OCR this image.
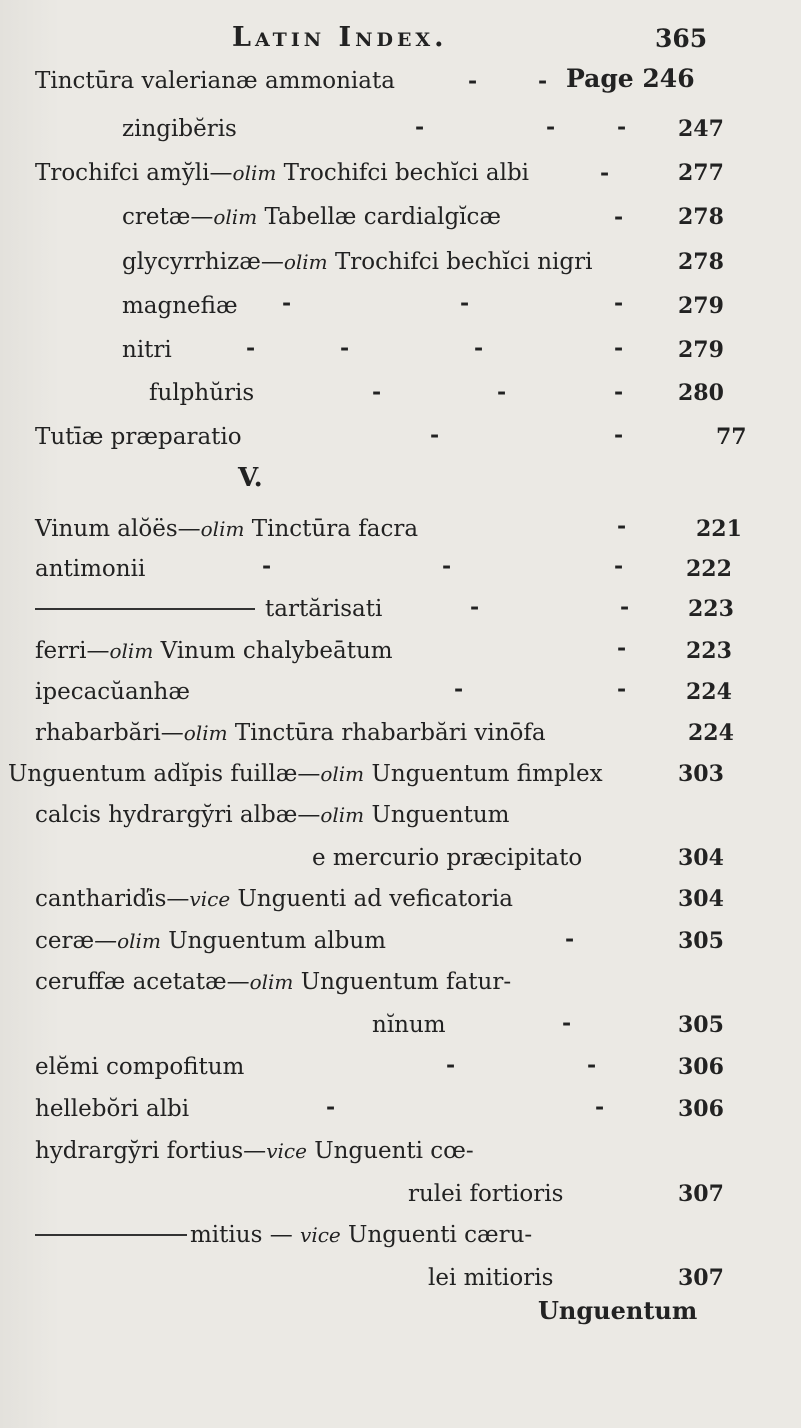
Latin Index.	365
Tinctūra valerianæ ammoniata	-	- Page 246
zingibĕris	-	-	- 247
Trochifci amy̆li—olim Trochifci bechĭci albi	-	277
cretæ—olim Tabellæ cardialgĭcæ	- 278
glycyrrhizæ—olim Trochifci bechĭci nigri	278
magnefiæ -	-	- 279
nitri	-	-	-	- 279
fulphŭris	-	-	- 280
Tutīæ præparatio	-	-	77
V.
Vinum alŏës—olim Tinctūra facra	-	221
antimonii	-	-	-	222
tartărisati	-	-	223
ferri—olim Vinum chalybeātum	-	223
ipecacŭanhæ	-	-	224
rhabarbări—olim Tinctūra rhabarbări vinōfa	224
Unguentum adĭpis fuillæ—olim Unguentum fimplex	303
calcis hydrargy̆ri albæ—olim Unguentum
e mercurio præcipitato	304
canthariďis—vice Unguenti ad veficatoria	304
ceræ—olim Unguentum album	-	305
ceruffæ acetatæ—olim Unguentum fatur-
nĭnum	-	305
elĕmi compofitum	-	-	306
hellebŏri albi	-	-	306
hydrargy̆ri fortius—vice Unguenti cœ-
rulei fortioris	307
mitius — vice Unguenti cæru-
lei mitioris	307
Unguentum
